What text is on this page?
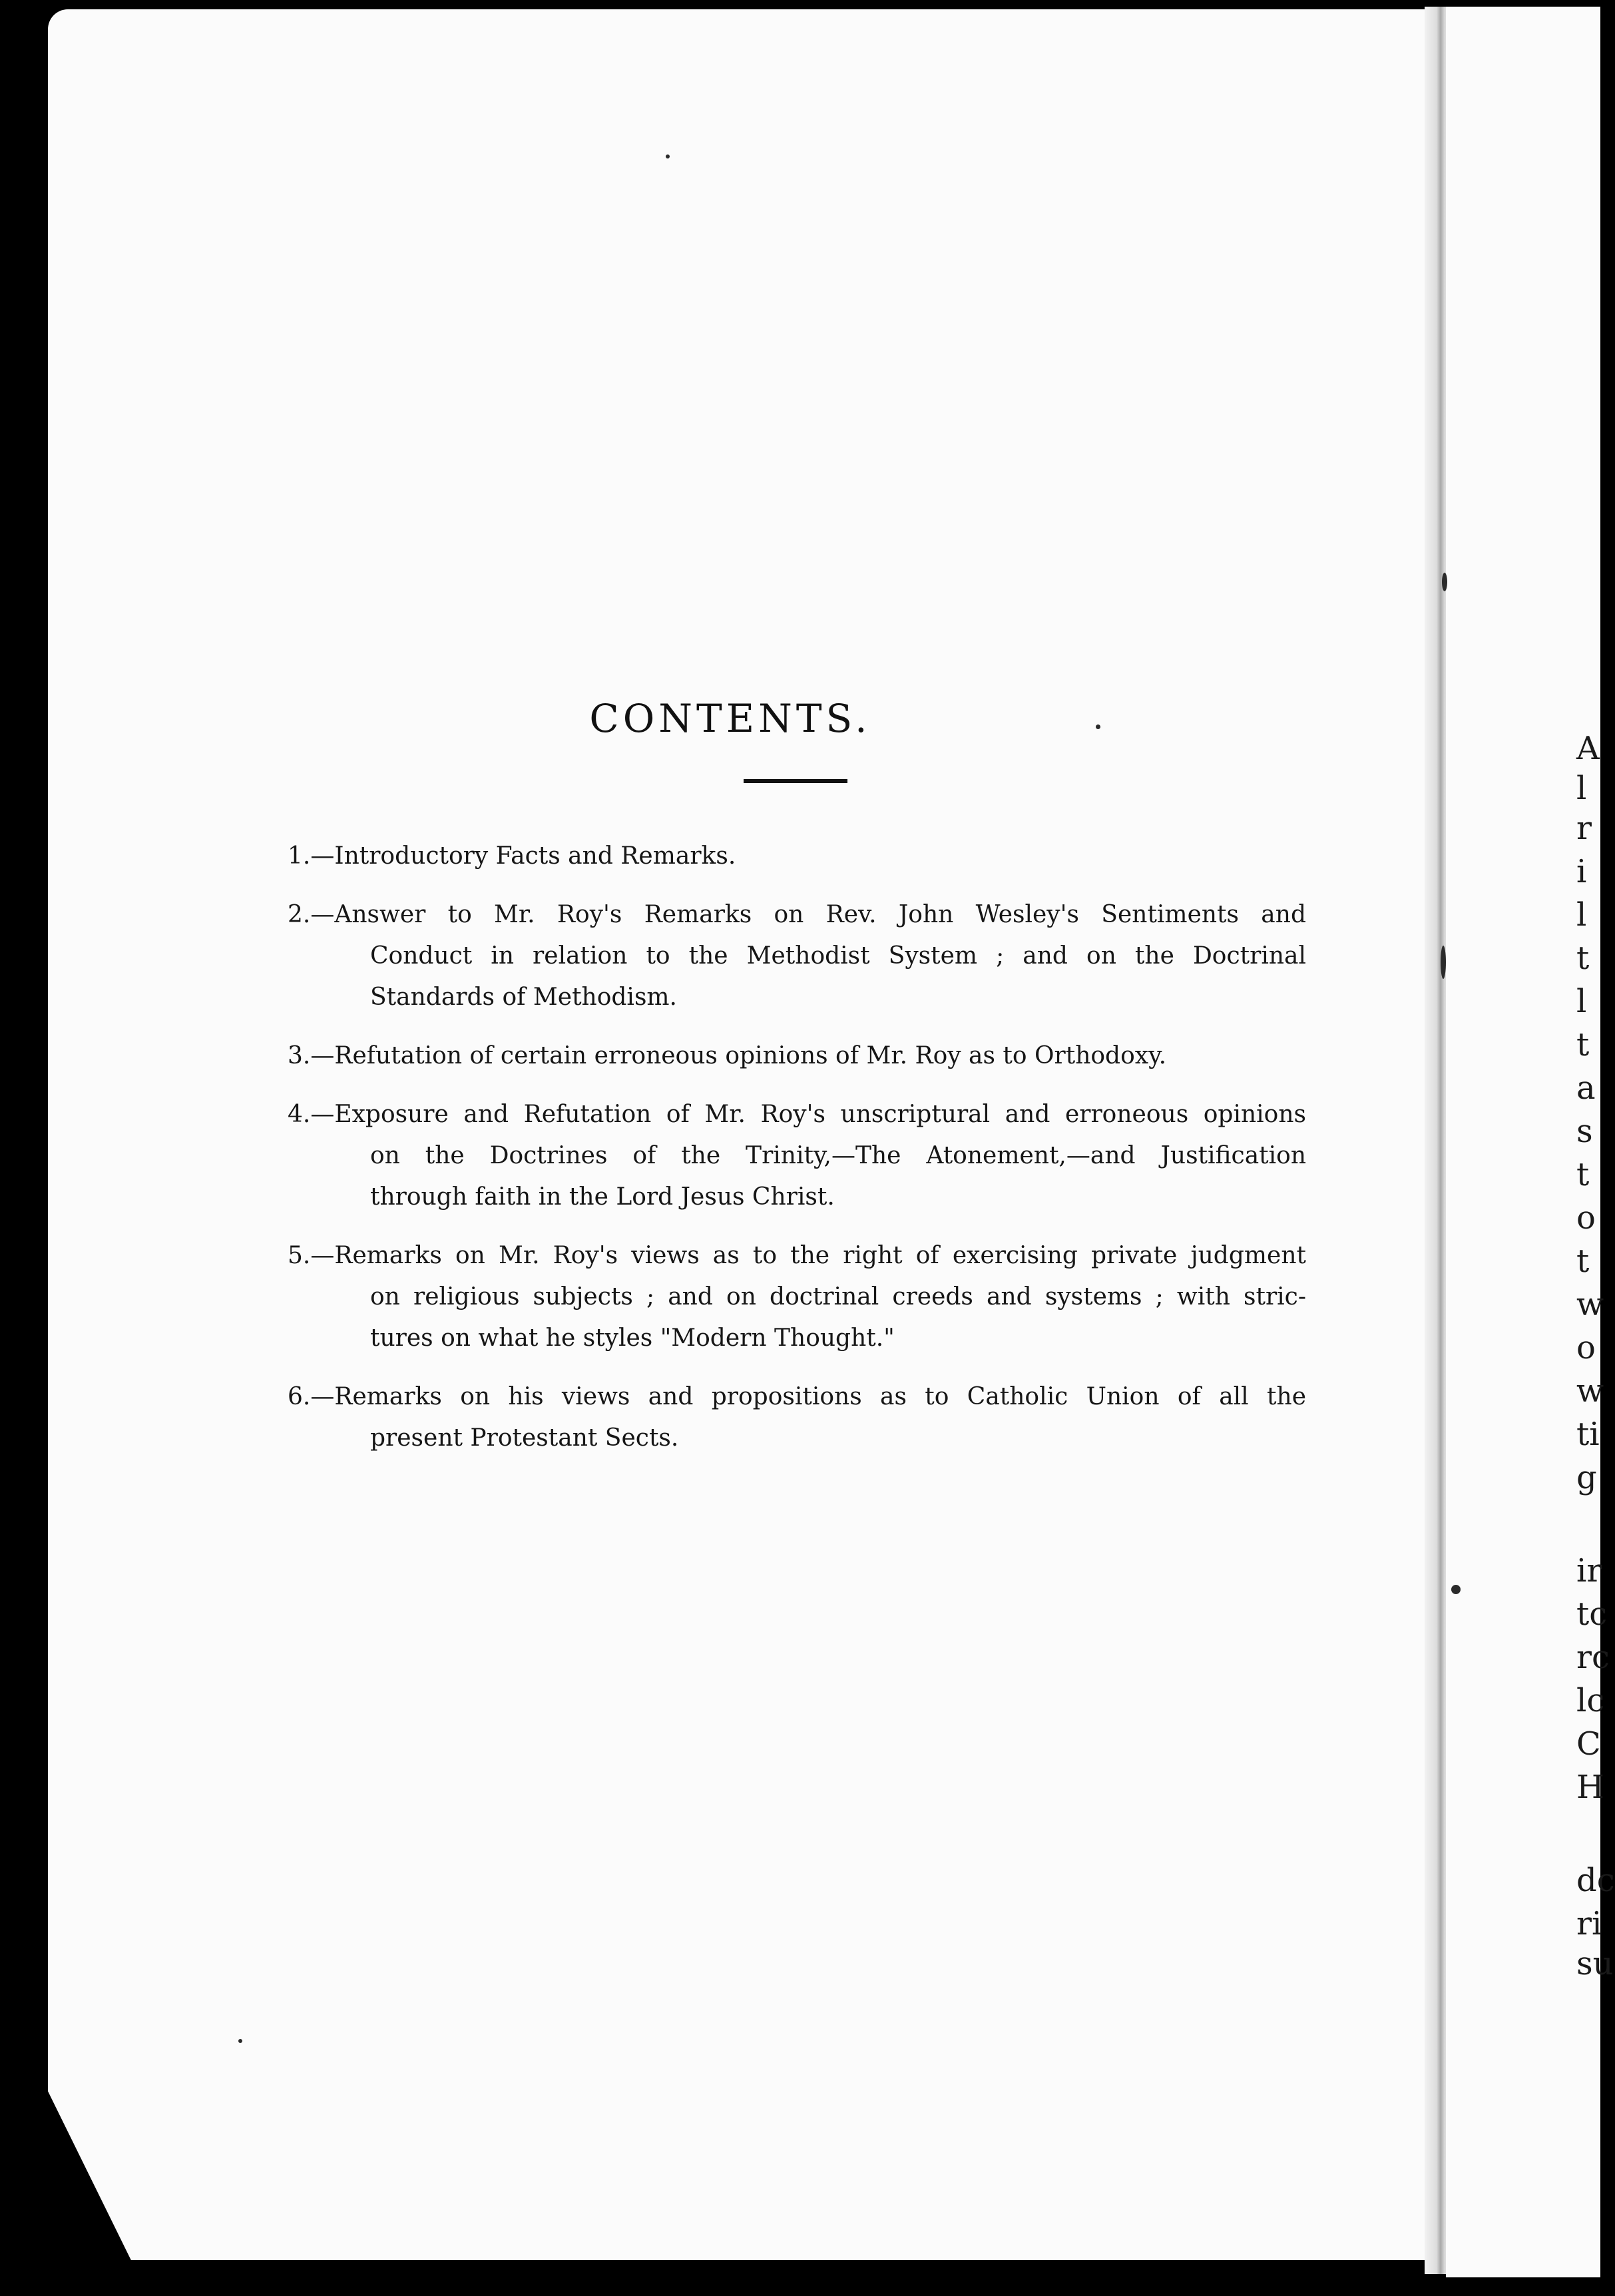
A
l
r
i
l
t
l
t
a
s
t
o
t
w
o
w
ti
g
ir
tc
rc
lc
C
H
dc
ri
su
CONTENTS.
1.—Introductory Facts and Remarks.
2.—Answer to Mr. Roy's Remarks on Rev. John Wesley's Sentiments and
Conduct in relation to the Methodist System ; and on the Doctrinal
Standards of Methodism.
3.—Refutation of certain erroneous opinions of Mr. Roy as to Orthodoxy.
4.—Exposure and Refutation of Mr. Roy's unscriptural and erroneous opinions
on the Doctrines of the Trinity,—The Atonement,—and Justification
through faith in the Lord Jesus Christ.
5.—Remarks on Mr. Roy's views as to the right of exercising private judgment
on religious subjects ; and on doctrinal creeds and systems ; with stric-
tures on what he styles "Modern Thought."
6.—Remarks on his views and propositions as to Catholic Union of all the
present Protestant Sects.
